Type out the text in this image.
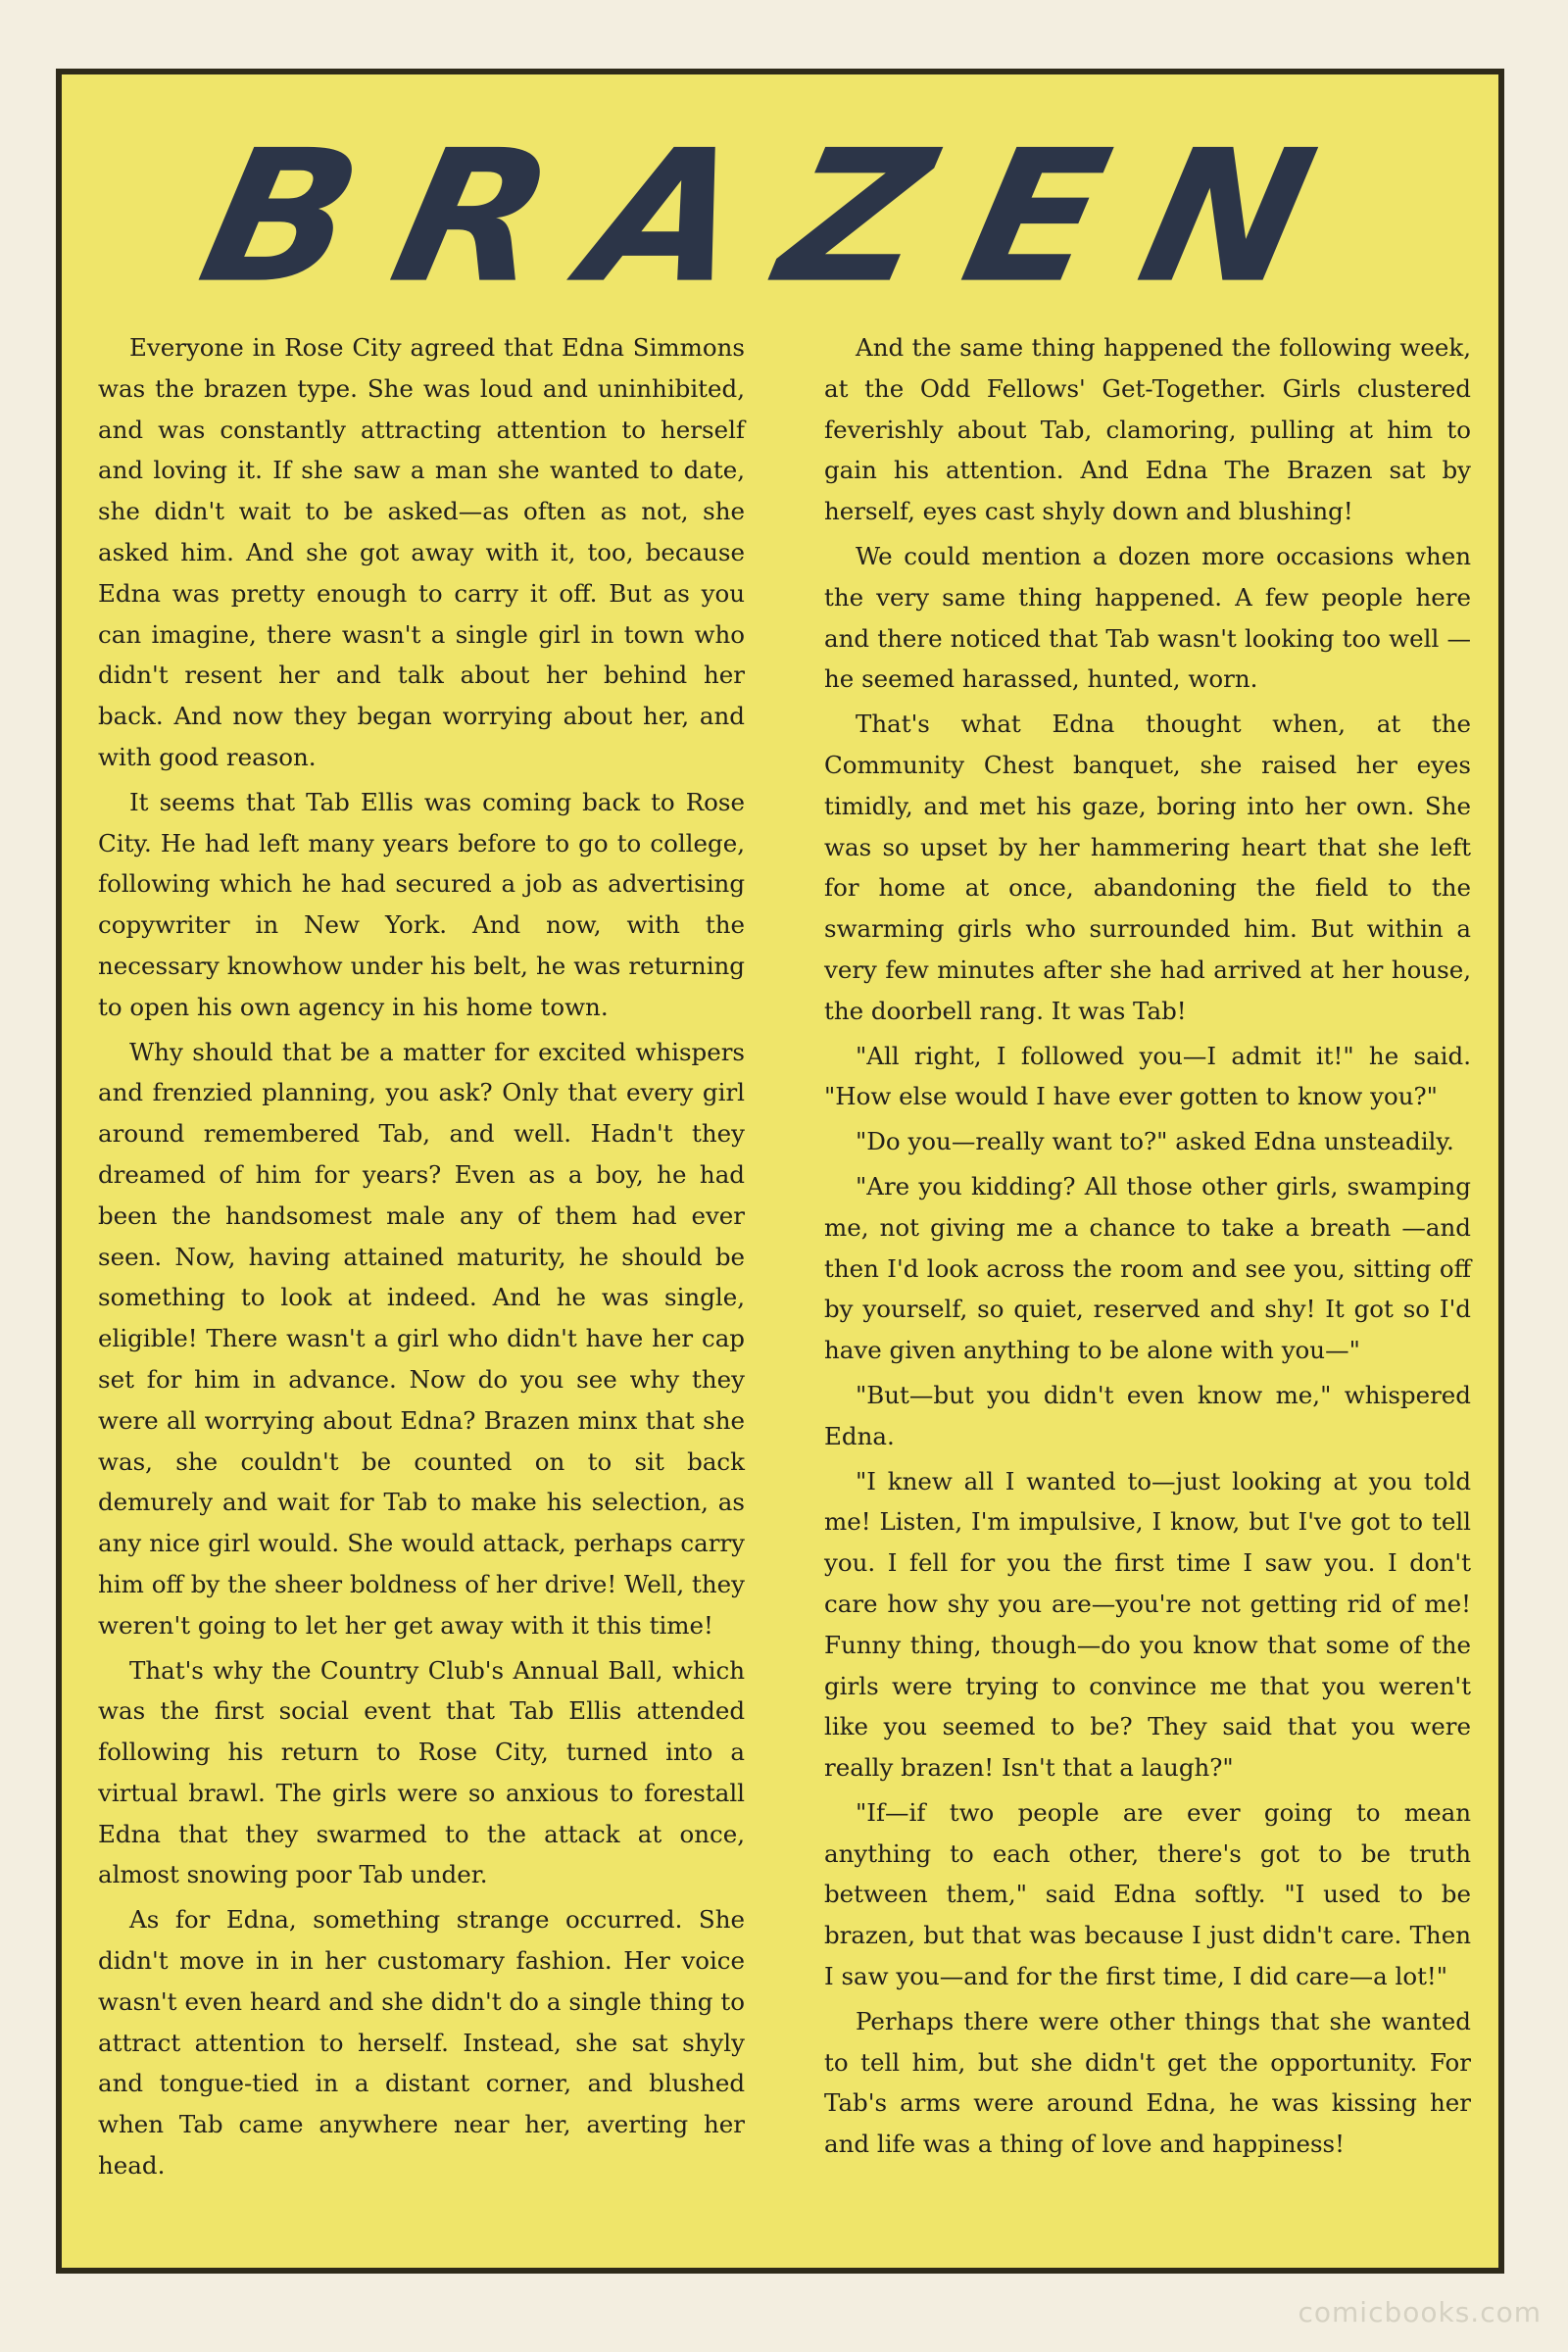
BRAZEN

Everyone in Rose City agreed that Edna Simmons was the brazen type. She was loud and uninhibited, and was constantly attracting attention to herself and loving it. If she saw a man she wanted to date, she didn't wait to be asked—as often as not, she asked him. And she got away with it, too, because Edna was pretty enough to carry it off. But as you can imagine, there wasn't a single girl in town who didn't resent her and talk about her behind her back. And now they began worrying about her, and with good reason.

It seems that Tab Ellis was coming back to Rose City. He had left many years before to go to college, following which he had secured a job as advertising copywriter in New York. And now, with the necessary knowhow under his belt, he was returning to open his own agency in his home town.

Why should that be a matter for excited whispers and frenzied planning, you ask? Only that every girl around remembered Tab, and well. Hadn't they dreamed of him for years? Even as a boy, he had been the handsomest male any of them had ever seen. Now, having attained maturity, he should be something to look at indeed. And he was single, eligible! There wasn't a girl who didn't have her cap set for him in advance. Now do you see why they were all worrying about Edna? Brazen minx that she was, she couldn't be counted on to sit back demurely and wait for Tab to make his selection, as any nice girl would. She would attack, perhaps carry him off by the sheer boldness of her drive! Well, they weren't going to let her get away with it this time!

That's why the Country Club's Annual Ball, which was the first social event that Tab Ellis attended following his return to Rose City, turned into a virtual brawl. The girls were so anxious to forestall Edna that they swarmed to the attack at once, almost snowing poor Tab under.

As for Edna, something strange occurred. She didn't move in in her customary fashion. Her voice wasn't even heard and she didn't do a single thing to attract attention to herself. Instead, she sat shyly and tongue-tied in a distant corner, and blushed when Tab came anywhere near her, averting her head.

And the same thing happened the following week, at the Odd Fellows' Get-Together. Girls clustered feverishly about Tab, clamoring, pulling at him to gain his attention. And Edna The Brazen sat by herself, eyes cast shyly down and blushing!

We could mention a dozen more occasions when the very same thing happened. A few people here and there noticed that Tab wasn't looking too well —he seemed harassed, hunted, worn.

That's what Edna thought when, at the Community Chest banquet, she raised her eyes timidly, and met his gaze, boring into her own. She was so upset by her hammering heart that she left for home at once, abandoning the field to the swarming girls who surrounded him. But within a very few minutes after she had arrived at her house, the doorbell rang. It was Tab!

"All right, I followed you—I admit it!" he said. "How else would I have ever gotten to know you?"

"Do you—really want to?" asked Edna unsteadily.

"Are you kidding? All those other girls, swamping me, not giving me a chance to take a breath —and then I'd look across the room and see you, sitting off by yourself, so quiet, reserved and shy! It got so I'd have given anything to be alone with you—"

"But—but you didn't even know me," whispered Edna.

"I knew all I wanted to—just looking at you told me! Listen, I'm impulsive, I know, but I've got to tell you. I fell for you the first time I saw you. I don't care how shy you are—you're not getting rid of me! Funny thing, though—do you know that some of the girls were trying to convince me that you weren't like you seemed to be? They said that you were really brazen! Isn't that a laugh?"

"If—if two people are ever going to mean anything to each other, there's got to be truth between them," said Edna softly. "I used to be brazen, but that was because I just didn't care. Then I saw you—and for the first time, I did care—a lot!"

Perhaps there were other things that she wanted to tell him, but she didn't get the opportunity. For Tab's arms were around Edna, he was kissing her and life was a thing of love and happiness!

comicbooks.com
